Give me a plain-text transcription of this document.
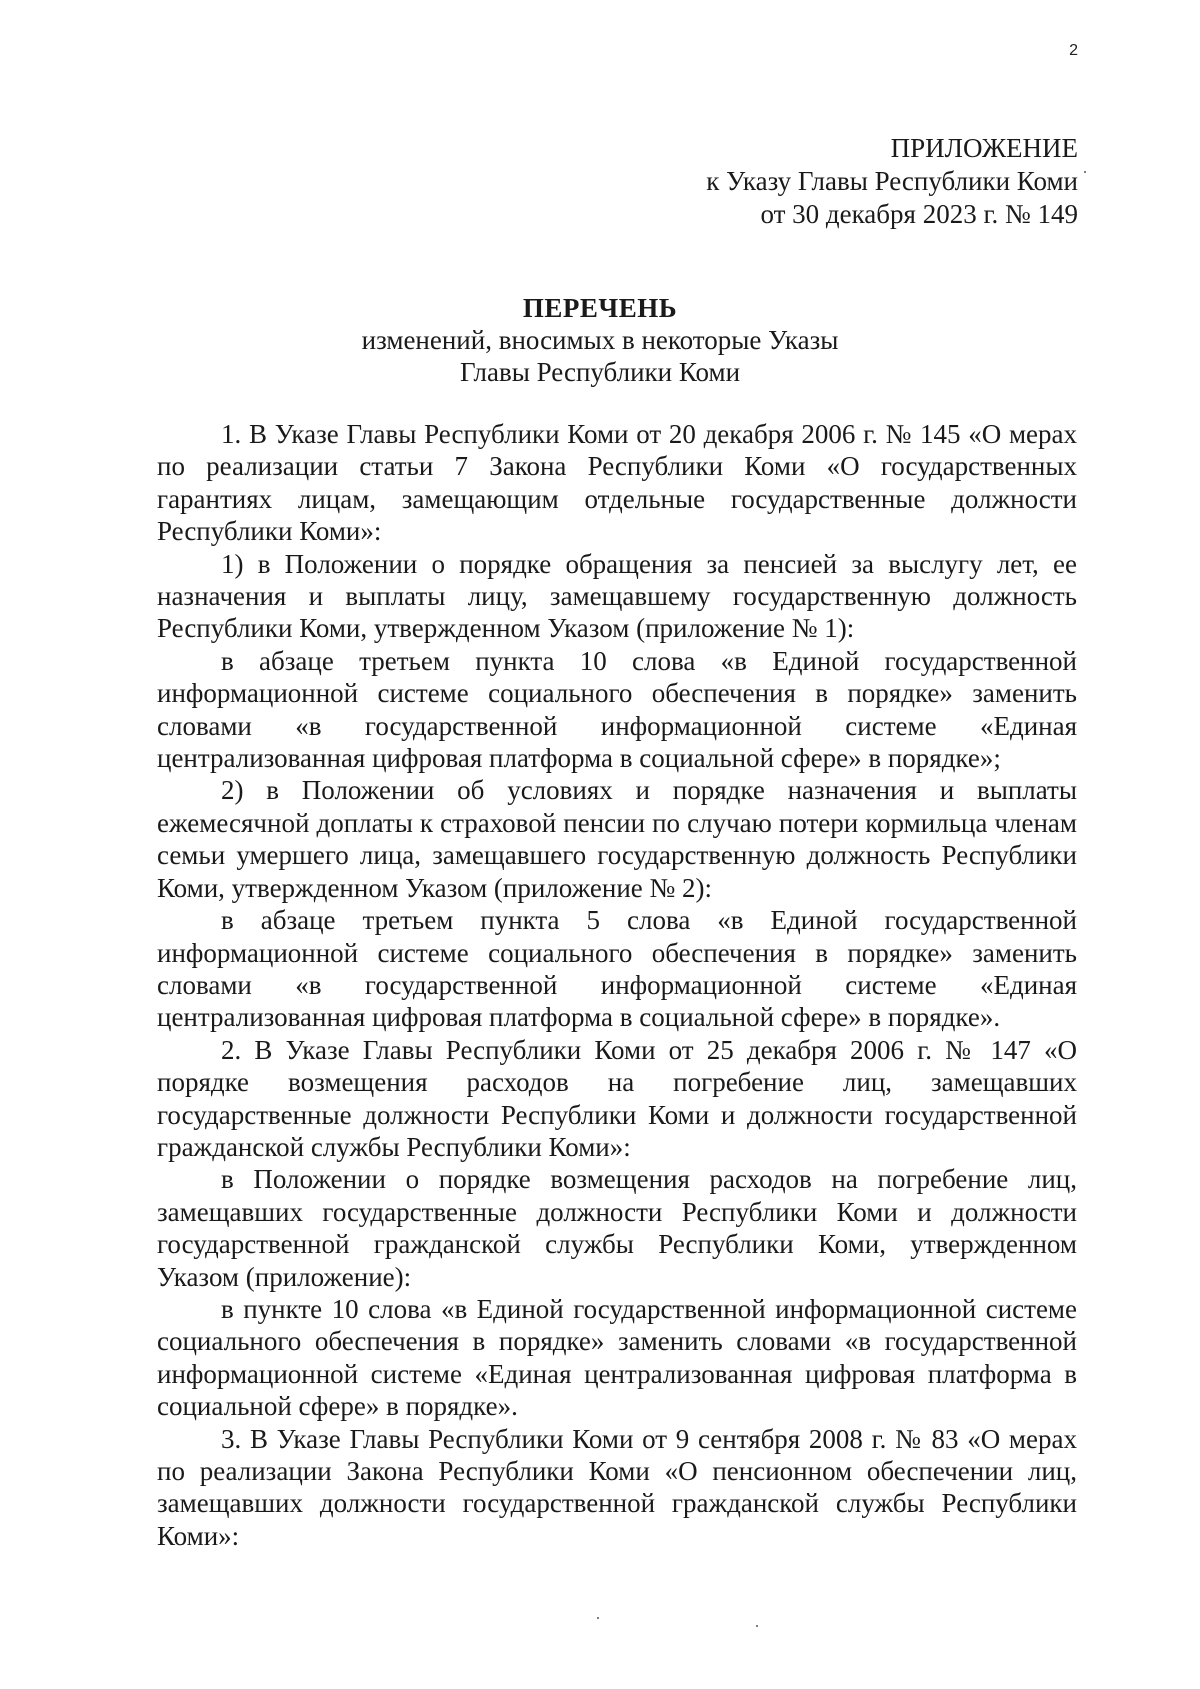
2
ПРИЛОЖЕНИЕ
к Указу Главы Республики Коми
от 30 декабря 2023 г. № 149
ПЕРЕЧЕНЬ
изменений, вносимых в некоторые Указы
Главы Республики Коми

1. В Указе Главы Республики Коми от 20 декабря 2006 г. № 145 «О мерах по реализации статьи 7 Закона Республики Коми «О государственных гарантиях лицам, замещающим отдельные государственные должности Республики Коми»:

1) в Положении о порядке обращения за пенсией за выслугу лет, ее назначения и выплаты лицу, замещавшему государственную должность Республики Коми, утвержденном Указом (приложение № 1):

в абзаце третьем пункта 10 слова «в Единой государственной информационной системе социального обеспечения в порядке» заменить словами «в государственной информационной системе «Единая централизованная цифровая платформа в социальной сфере» в порядке»;

2) в Положении об условиях и порядке назначения и выплаты ежемесячной доплаты к страховой пенсии по случаю потери кормильца членам семьи умершего лица, замещавшего государственную должность Республики Коми, утвержденном Указом (приложение № 2):

в абзаце третьем пункта 5 слова «в Единой государственной информационной системе социального обеспечения в порядке» заменить словами «в государственной информационной системе «Единая централизованная цифровая платформа в социальной сфере» в порядке».

2. В Указе Главы Республики Коми от 25 декабря 2006 г. № 147 «О порядке возмещения расходов на погребение лиц, замещавших государственные должности Республики Коми и должности государственной гражданской службы Республики Коми»:

в Положении о порядке возмещения расходов на погребение лиц, замещавших государственные должности Республики Коми и должности государственной гражданской службы Республики Коми, утвержденном Указом (приложение):

в пункте 10 слова «в Единой государственной информационной системе социального обеспечения в порядке» заменить словами «в государственной информационной системе «Единая централизованная цифровая платформа в социальной сфере» в порядке».

3. В Указе Главы Республики Коми от 9 сентября 2008 г. № 83 «О мерах по реализации Закона Республики Коми «О пенсионном обеспечении лиц, замещавших должности государственной гражданской службы Республики Коми»:
